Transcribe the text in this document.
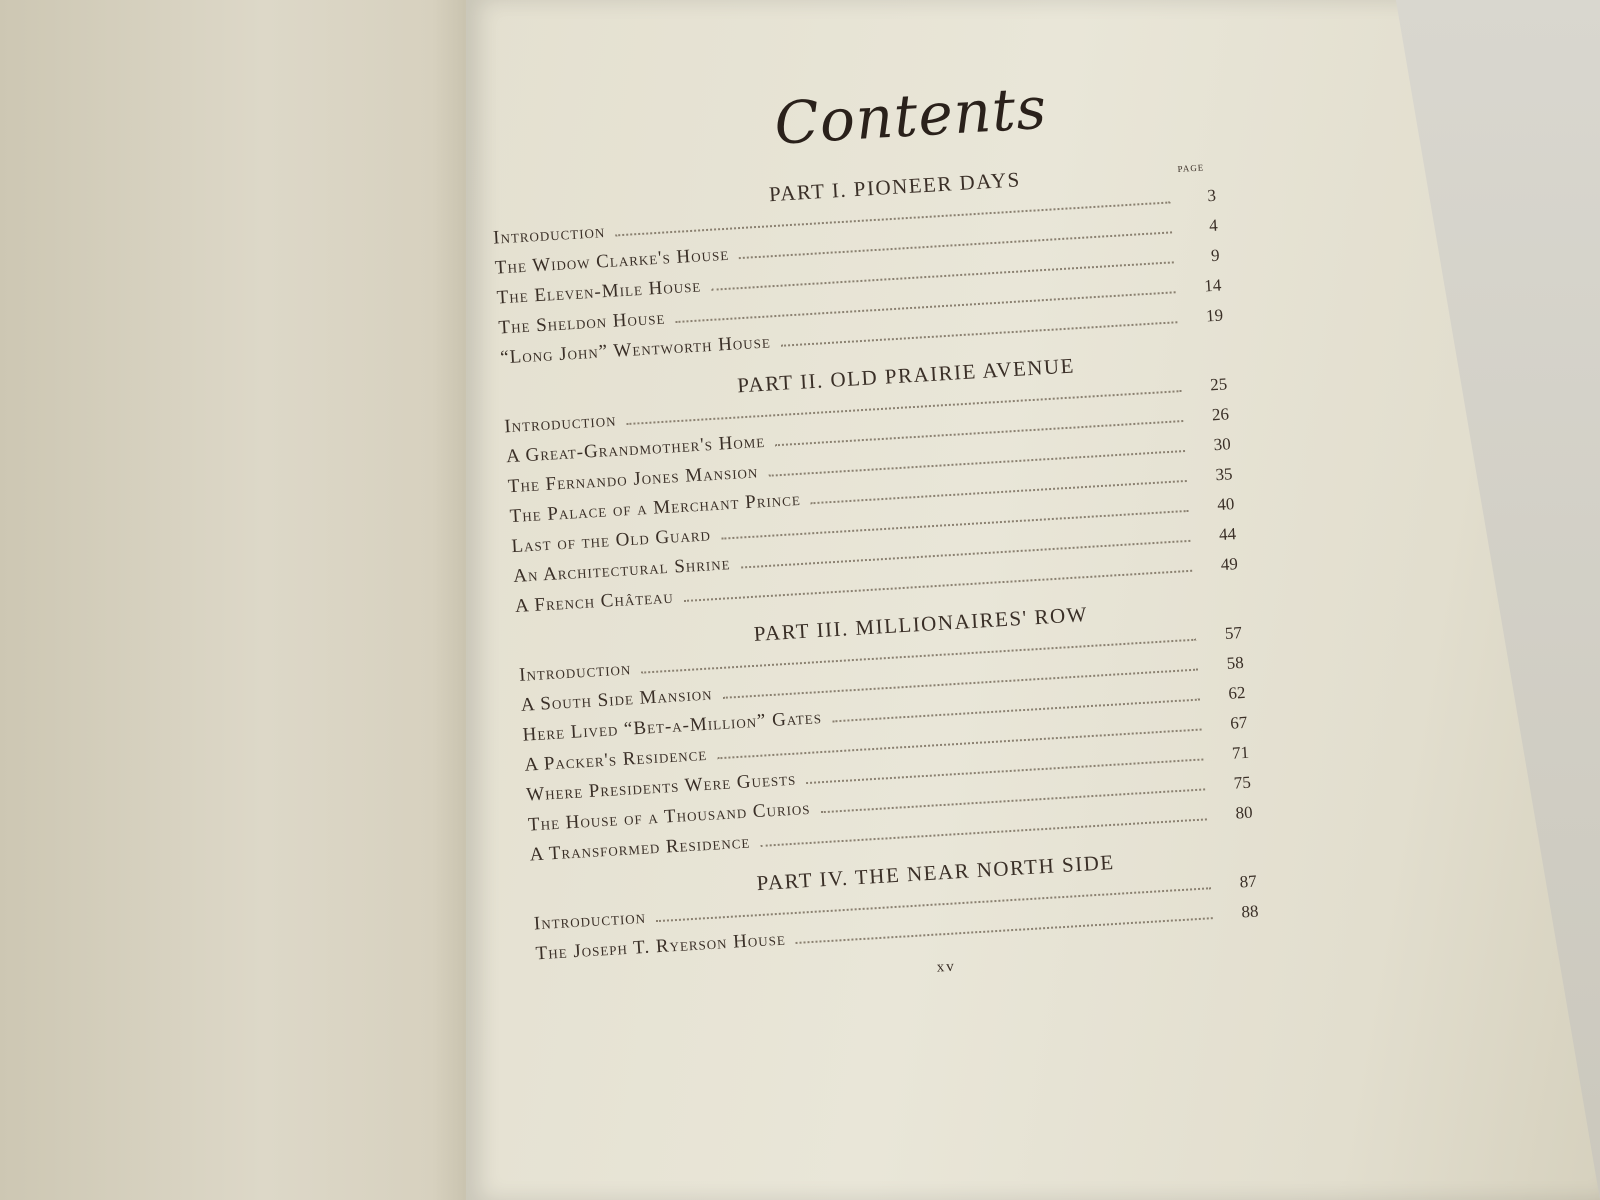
Contents
PART I. PIONEER DAYS	PAGE
Introduction
3
The Widow Clarke's House
4
The Eleven-Mile House
9
The Sheldon House
14
“Long John” Wentworth House
19
PART II. OLD PRAIRIE AVENUE
Introduction
25
A Great-Grandmother's Home
26
The Fernando Jones Mansion
30
The Palace of a Merchant Prince
35
Last of the Old Guard
40
An Architectural Shrine
44
A French Château
49
PART III. MILLIONAIRES' ROW
Introduction
57
A South Side Mansion
58
Here Lived “Bet-a-Million” Gates
62
A Packer's Residence
67
Where Presidents Were Guests
71
The House of a Thousand Curios
75
A Transformed Residence
80
PART IV. THE NEAR NORTH SIDE
Introduction
87
The Joseph T. Ryerson House
88
xv
